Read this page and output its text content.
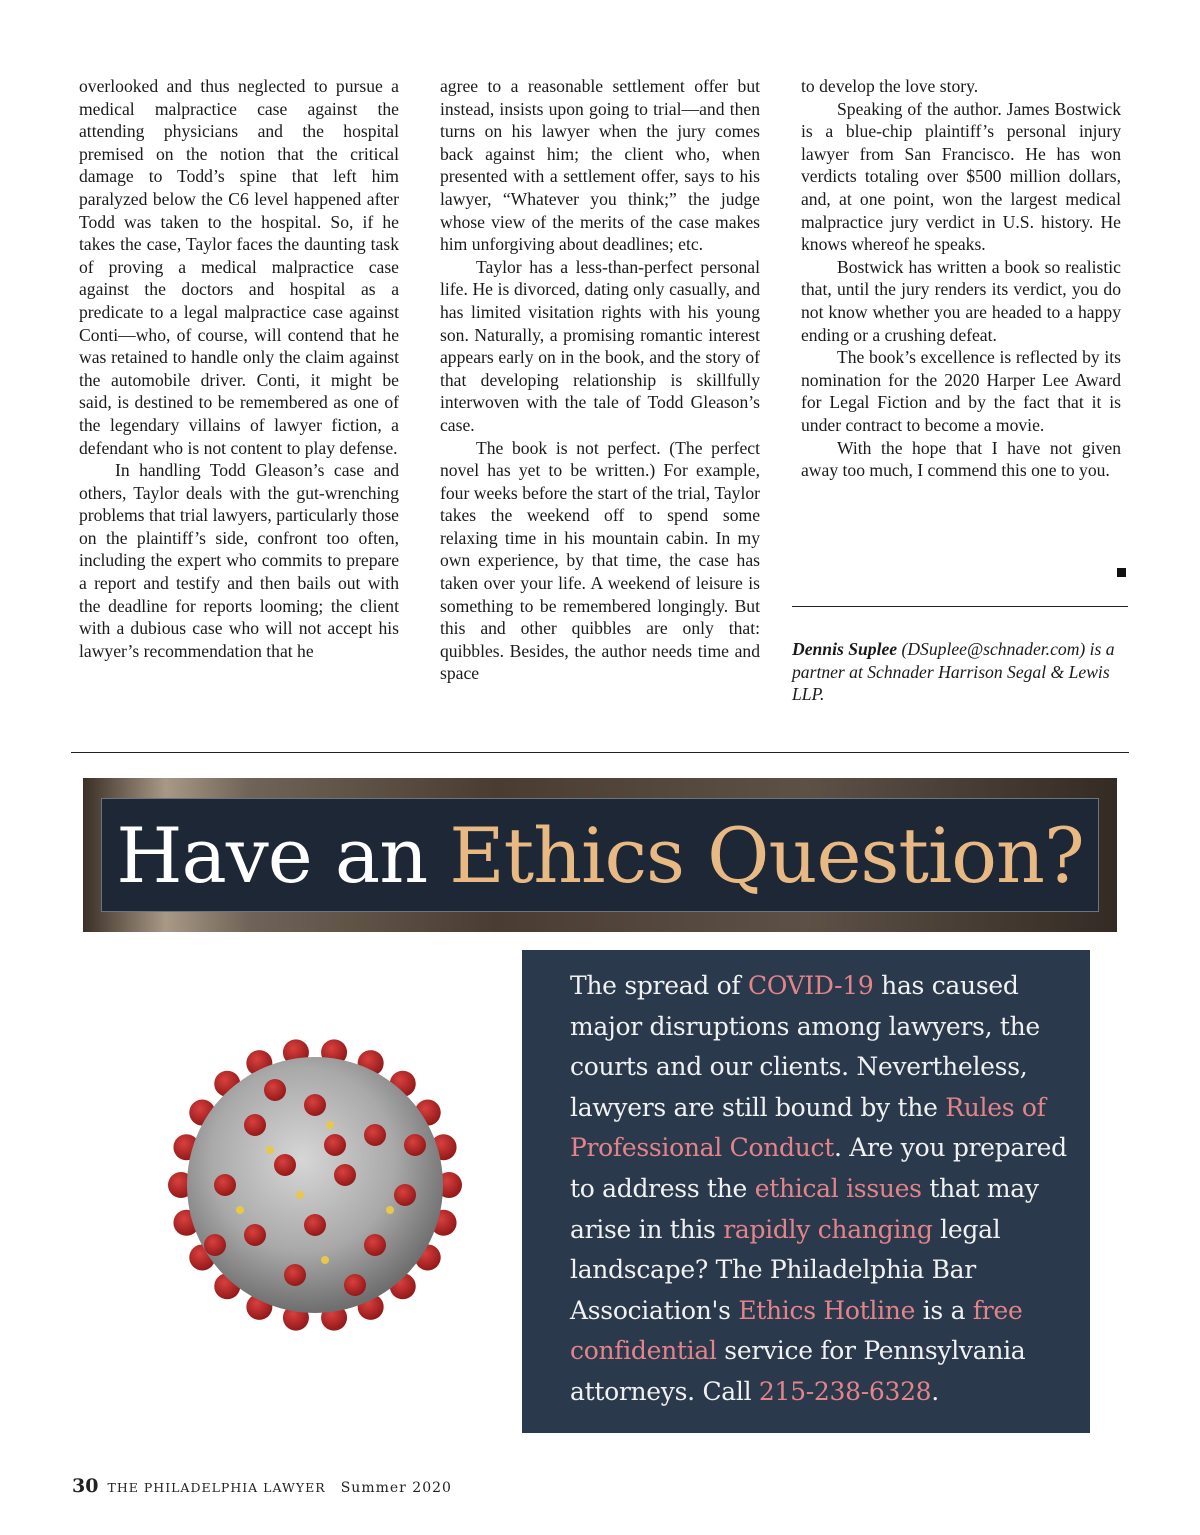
overlooked and thus neglected to pursue a medical malpractice case against the attending physicians and the hospital premised on the notion that the critical damage to Todd’s spine that left him paralyzed below the C6 level happened after Todd was taken to the hospital. So, if he takes the case, Taylor faces the daunting task of proving a medical malpractice case against the doctors and hospital as a predicate to a legal malpractice case against Conti—who, of course, will contend that he was retained to handle only the claim against the automobile driver. Conti, it might be said, is destined to be remembered as one of the legendary villains of lawyer fiction, a defendant who is not content to play defense.

In handling Todd Gleason’s case and others, Taylor deals with the gut-wrenching problems that trial lawyers, particularly those on the plaintiff’s side, confront too often, including the expert who commits to prepare a report and testify and then bails out with the deadline for reports looming; the client with a dubious case who will not accept his lawyer’s recommendation that he

agree to a reasonable settlement offer but instead, insists upon going to trial—and then turns on his lawyer when the jury comes back against him; the client who, when presented with a settlement offer, says to his lawyer, “Whatever you think;” the judge whose view of the merits of the case makes him unforgiving about deadlines; etc.

Taylor has a less-than-perfect personal life. He is divorced, dating only casually, and has limited visitation rights with his young son. Naturally, a promising romantic interest appears early on in the book, and the story of that developing relationship is skillfully interwoven with the tale of Todd Gleason’s case.

The book is not perfect. (The perfect novel has yet to be written.) For example, four weeks before the start of the trial, Taylor takes the weekend off to spend some relaxing time in his mountain cabin. In my own experience, by that time, the case has taken over your life. A weekend of leisure is something to be remembered longingly. But this and other quibbles are only that: quibbles. Besides, the author needs time and space

to develop the love story.

Speaking of the author. James Bostwick is a blue-chip plaintiff’s personal injury lawyer from San Francisco. He has won verdicts totaling over $500 million dollars, and, at one point, won the largest medical malpractice jury verdict in U.S. history. He knows whereof he speaks.

Bostwick has written a book so realistic that, until the jury renders its verdict, you do not know whether you are headed to a happy ending or a crushing defeat.

The book’s excellence is reflected by its nomination for the 2020 Harper Lee Award for Legal Fiction and by the fact that it is under contract to become a movie.

With the hope that I have not given away too much, I commend this one to you.

Dennis Suplee (DSuplee@schnader.com) is a partner at Schnader Harrison Segal & Lewis LLP.
Have an Ethics Question?
The spread of COVID-19 has caused major disruptions among lawyers, the courts and our clients. Nevertheless, lawyers are still bound by the Rules of Professional Conduct. Are you prepared to address the ethical issues that may arise in this rapidly changing legal landscape? The Philadelphia Bar Association's Ethics Hotline is a free confidential service for Pennsylvania attorneys. Call 215-238-6328.
30 THE PHILADELPHIA LAWYER Summer 2020
